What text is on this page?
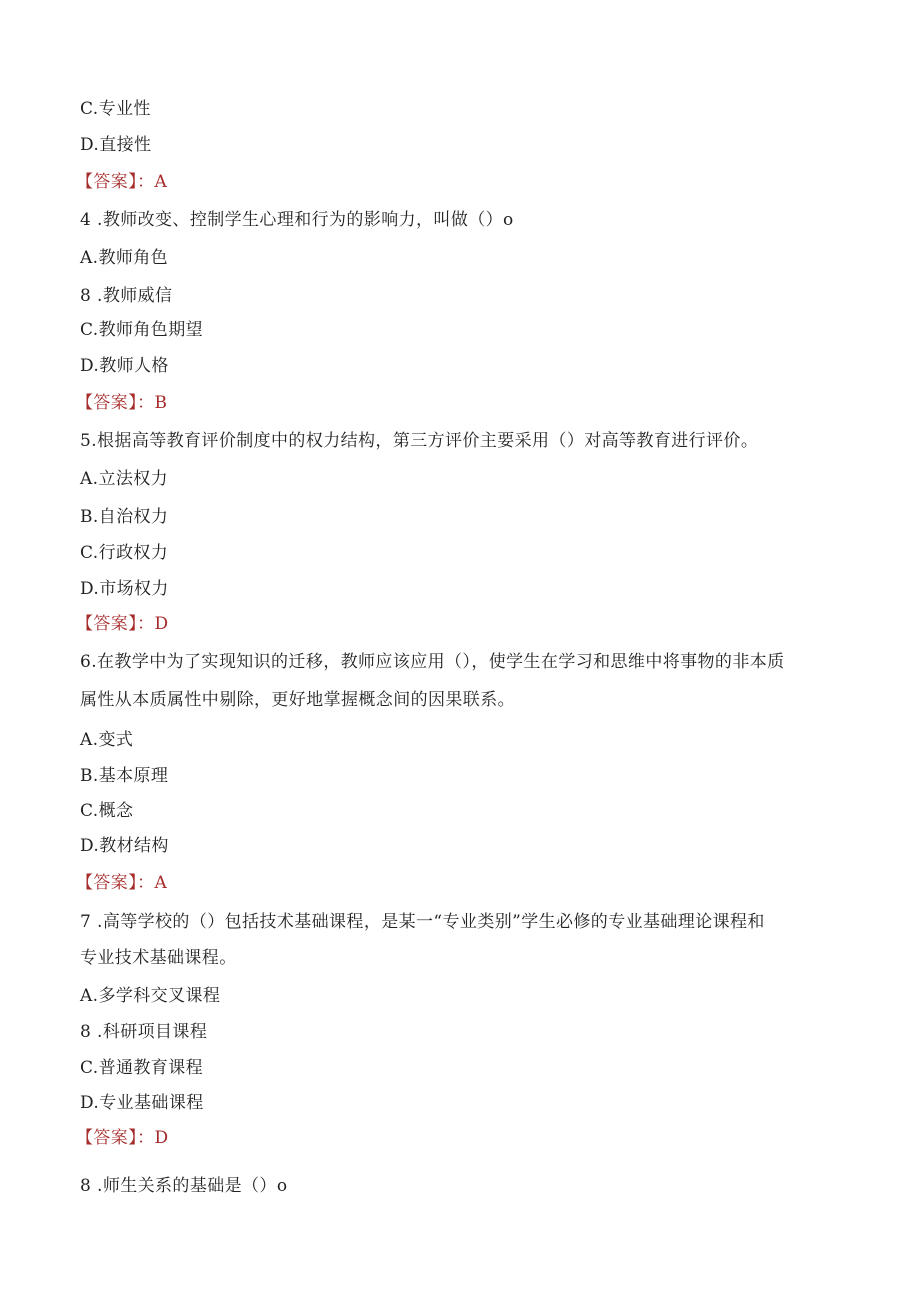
C.专业性
D.直接性
【答案】：A
4 .教师改变、控制学生心理和行为的影响力，叫做（）o
A.教师角色
8 .教师威信
C.教师角色期望
D.教师人格
【答案】：B
5.根据高等教育评价制度中的权力结构，第三方评价主要采用（）对高等教育进行评价。
A.立法权力
B.自治权力
C.行政权力
D.市场权力
【答案】：D
6.在教学中为了实现知识的迁移，教师应该应用（），使学生在学习和思维中将事物的非本质
属性从本质属性中剔除，更好地掌握概念间的因果联系。
A.变式
B.基本原理
C.概念
D.教材结构
【答案】：A
7 .高等学校的（）包括技术基础课程，是某一“专业类别”学生必修的专业基础理论课程和
专业技术基础课程。
A.多学科交叉课程
8 .科研项目课程
C.普通教育课程
D.专业基础课程
【答案】：D
8 .师生关系的基础是（）o
